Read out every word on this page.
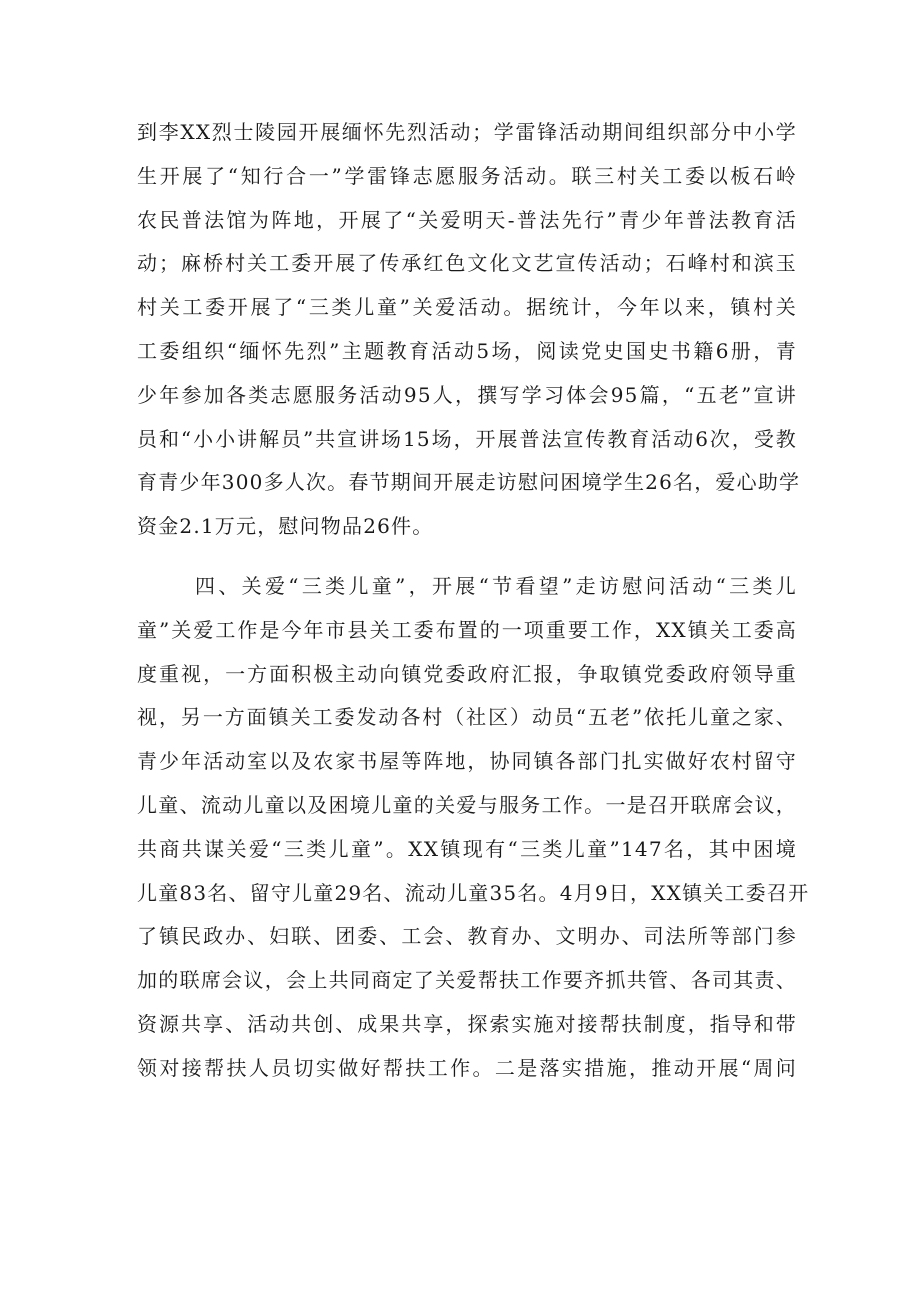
到李XX烈士陵园开展缅怀先烈活动；学雷锋活动期间组织部分中小学
生开展了“知行合一”学雷锋志愿服务活动。联三村关工委以板石岭
农民普法馆为阵地，开展了“关爱明天-普法先行”青少年普法教育活
动；麻桥村关工委开展了传承红色文化文艺宣传活动；石峰村和滨玉
村关工委开展了“三类儿童”关爱活动。据统计，今年以来，镇村关
工委组织“缅怀先烈”主题教育活动5场，阅读党史国史书籍6册，青
少年参加各类志愿服务活动95人，撰写学习体会95篇，“五老”宣讲
员和“小小讲解员”共宣讲场15场，开展普法宣传教育活动6次，受教
育青少年300多人次。春节期间开展走访慰问困境学生26名，爱心助学
资金2.1万元，慰问物品26件。
四、关爱“三类儿童”，开展“节看望”走访慰问活动“三类儿
童”关爱工作是今年市县关工委布置的一项重要工作，XX镇关工委高
度重视，一方面积极主动向镇党委政府汇报，争取镇党委政府领导重
视，另一方面镇关工委发动各村（社区）动员“五老”依托儿童之家、
青少年活动室以及农家书屋等阵地，协同镇各部门扎实做好农村留守
儿童、流动儿童以及困境儿童的关爱与服务工作。一是召开联席会议，
共商共谋关爱“三类儿童”。XX镇现有“三类儿童”147名，其中困境
儿童83名、留守儿童29名、流动儿童35名。4月9日，XX镇关工委召开
了镇民政办、妇联、团委、工会、教育办、文明办、司法所等部门参
加的联席会议，会上共同商定了关爱帮扶工作要齐抓共管、各司其责、
资源共享、活动共创、成果共享，探索实施对接帮扶制度，指导和带
领对接帮扶人员切实做好帮扶工作。二是落实措施，推动开展“周问
